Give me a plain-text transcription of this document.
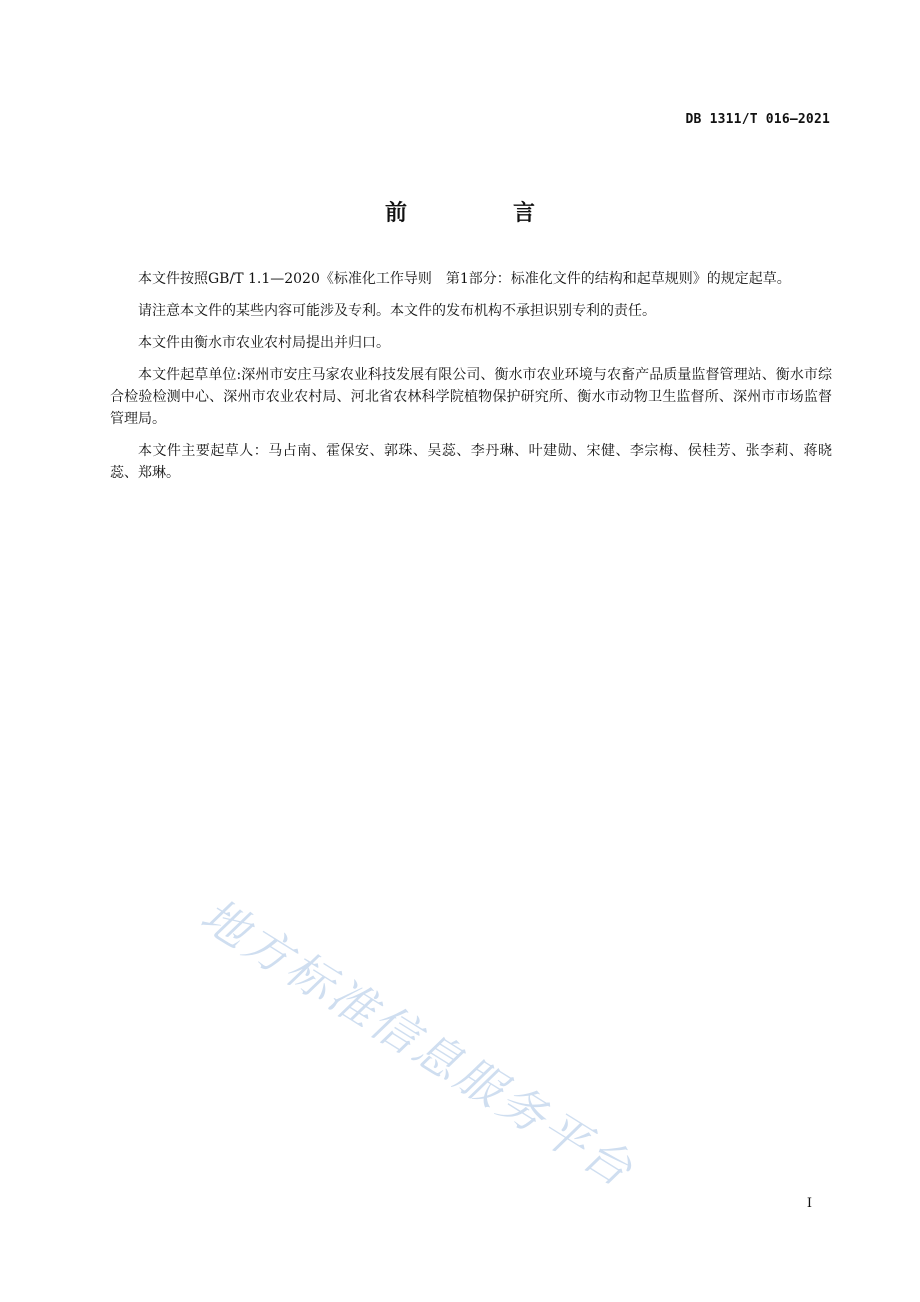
DB 1311/T 016—2021
前　言

本文件按照GB/T 1.1—2020《标准化工作导则　第1部分：标准化文件的结构和起草规则》的规定起草。

请注意本文件的某些内容可能涉及专利。本文件的发布机构不承担识别专利的责任。

本文件由衡水市农业农村局提出并归口。

本文件起草单位:深州市安庄马家农业科技发展有限公司、衡水市农业环境与农畜产品质量监督管理站、衡水市综合检验检测中心、深州市农业农村局、河北省农林科学院植物保护研究所、衡水市动物卫生监督所、深州市市场监督管理局。

本文件主要起草人：马占南、霍保安、郭珠、吴蕊、李丹琳、叶建勋、宋健、李宗梅、侯桂芳、张李莉、蒋晓蕊、郑琳。

地方标准信息服务平台
I
